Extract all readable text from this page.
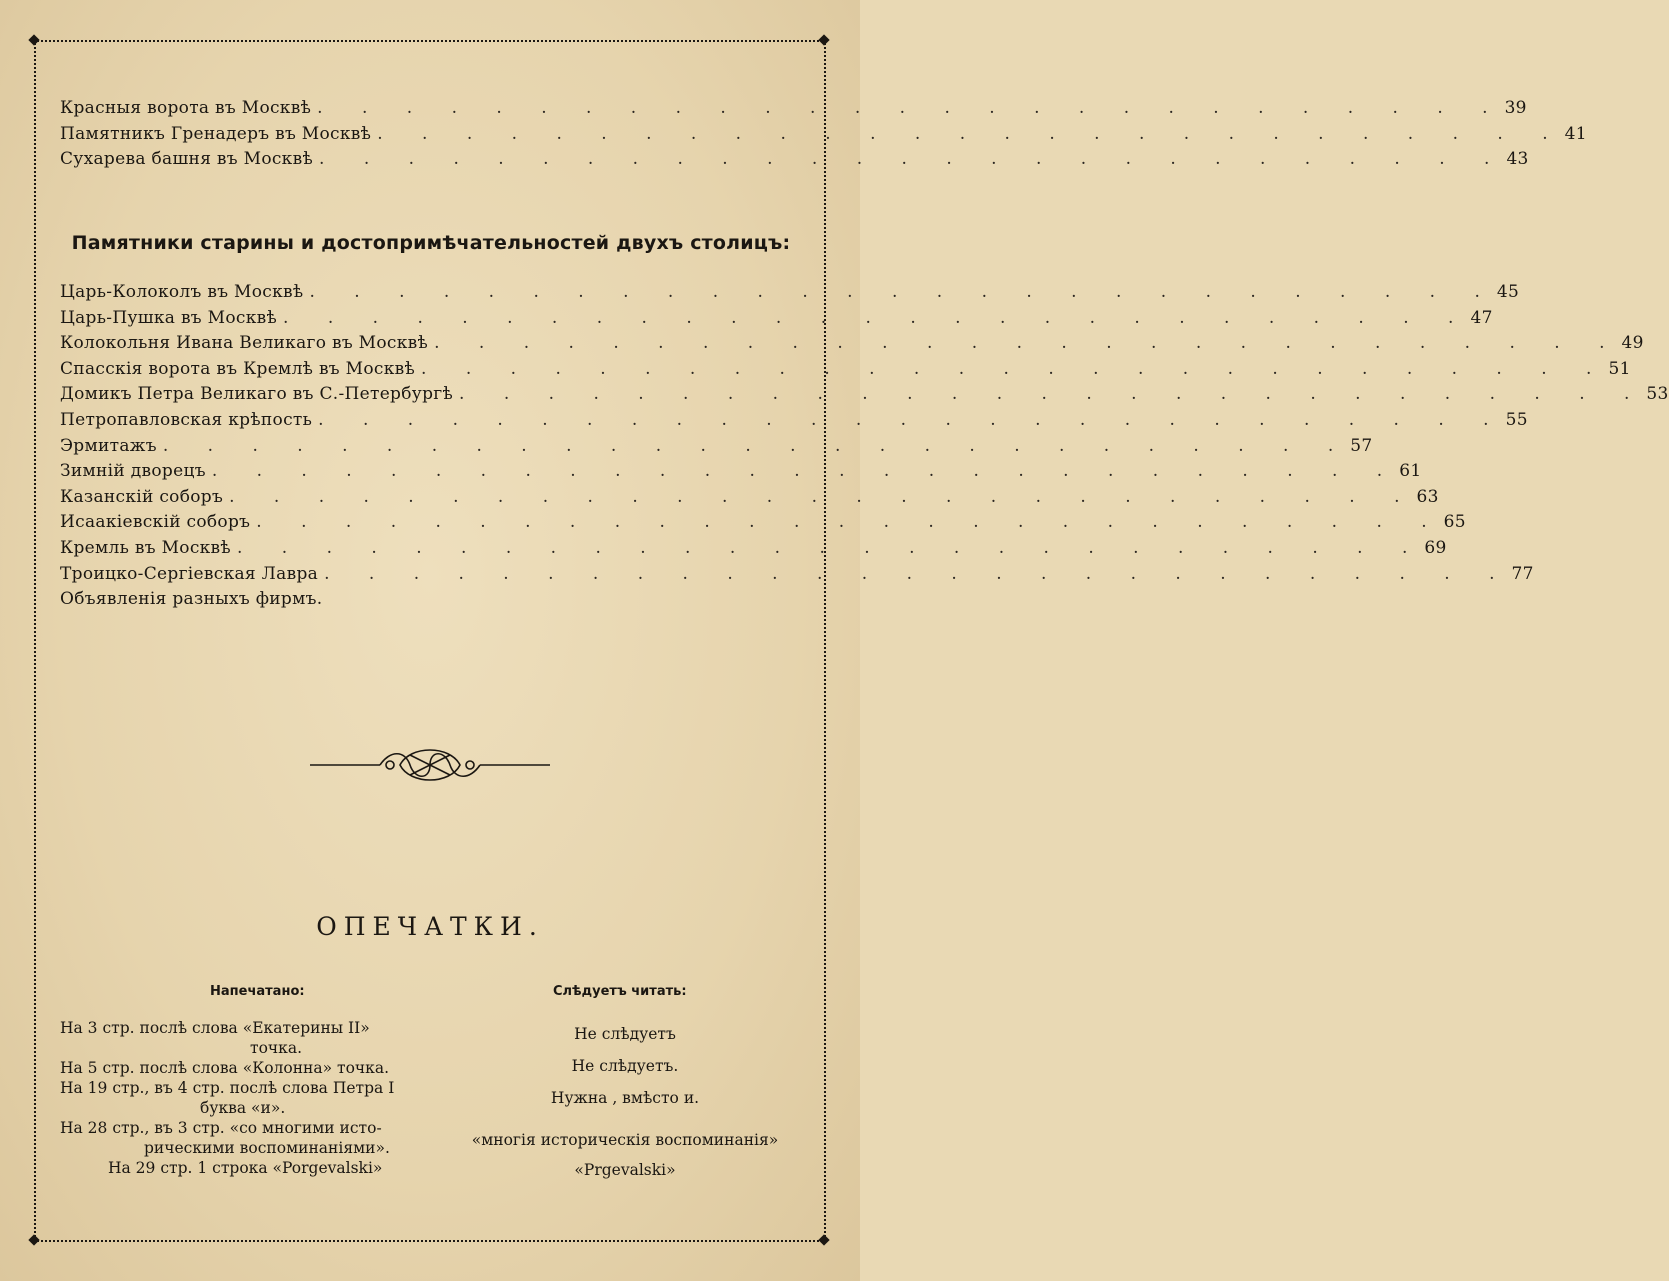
Красныя ворота въ Москвѣ . . . . . . . . . . . . . . . . . . . . . . . . . . . 39
Памятникъ Гренадеръ въ Москвѣ . . . . . . . . . . . . . . . . . . . . . . . . . . . 41
Сухарева башня въ Москвѣ . . . . . . . . . . . . . . . . . . . . . . . . . . . 43
Памятники старины и достопримѣчательностей двухъ столицъ:
Царь-Колоколъ въ Москвѣ . . . . . . . . . . . . . . . . . . . . . . . . . . . 45
Царь-Пушка въ Москвѣ . . . . . . . . . . . . . . . . . . . . . . . . . . . 47
Колокольня Ивана Великаго въ Москвѣ . . . . . . . . . . . . . . . . . . . . . . . . . . . 49
Спасскія ворота въ Кремлѣ въ Москвѣ . . . . . . . . . . . . . . . . . . . . . . . . . . . 51
Домикъ Петра Великаго въ С.-Петербургѣ . . . . . . . . . . . . . . . . . . . . . . . . . . . 53
Петропавловская крѣпость . . . . . . . . . . . . . . . . . . . . . . . . . . . 55
Эрмитажъ . . . . . . . . . . . . . . . . . . . . . . . . . . . 57
Зимній дворецъ . . . . . . . . . . . . . . . . . . . . . . . . . . . 61
Казанскій соборъ . . . . . . . . . . . . . . . . . . . . . . . . . . . 63
Исаакіевскій соборъ . . . . . . . . . . . . . . . . . . . . . . . . . . . 65
Кремль въ Москвѣ . . . . . . . . . . . . . . . . . . . . . . . . . . . 69
Троицко-Сергіевская Лавра . . . . . . . . . . . . . . . . . . . . . . . . . . . 77
Объявленія разныхъ фирмъ.
ОПЕЧАТКИ.
Напечатано:	Слѣдуетъ читать:
На 3 стр. послѣ слова «Екатерины II»
точка.
На 5 стр. послѣ слова «Колонна» точка.
На 19 стр., въ 4 стр. послѣ слова Петра I
буква «и».
На 28 стр., въ 3 стр. «со многими исто-
рическими воспоминаніями».
На 29 стр. 1 строка «Porgevalski»
Не слѣдуетъ
Не слѣдуетъ.
Нужна , вмѣсто и.
«многія историческія воспоминанія»
«Prgevalski»
